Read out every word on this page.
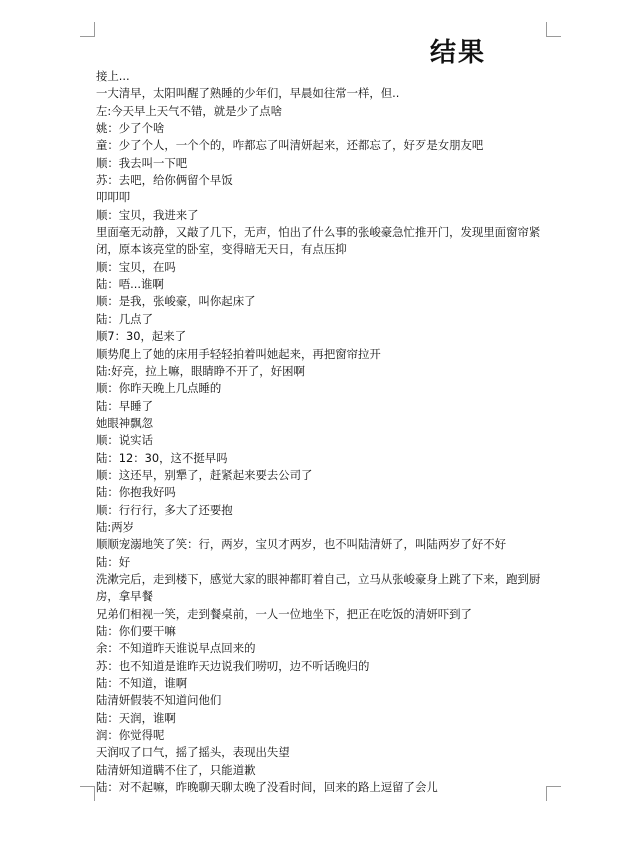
结果
接上...
一大清早，太阳叫醒了熟睡的少年们，早晨如往常一样，但..
左:今天早上天气不错，就是少了点啥
姚：少了个啥
童：少了个人，一个个的，咋都忘了叫清妍起来，还都忘了，好歹是女朋友吧
顺：我去叫一下吧
苏：去吧，给你俩留个早饭
叩叩叩
顺：宝贝，我进来了
里面毫无动静，又敲了几下，无声，怕出了什么事的张峻豪急忙推开门，发现里面窗帘紧
闭，原本该亮堂的卧室，变得暗无天日，有点压抑
顺：宝贝，在吗
陆：唔...谁啊
顺：是我，张峻豪，叫你起床了
陆：几点了
顺7：30，起来了
顺势爬上了她的床用手轻轻拍着叫她起来，再把窗帘拉开
陆:好亮，拉上嘛，眼睛睁不开了，好困啊
顺：你昨天晚上几点睡的
陆：早睡了
她眼神飘忽
顺：说实话
陆：12：30，这不挺早吗
顺：这还早，别犟了，赶紧起来要去公司了
陆：你抱我好吗
顺：行行行，多大了还要抱
陆:两岁
顺顺宠溺地笑了笑：行，两岁，宝贝才两岁，也不叫陆清妍了，叫陆两岁了好不好
陆：好
洗漱完后，走到楼下，感觉大家的眼神都盯着自己，立马从张峻豪身上跳了下来，跑到厨
房，拿早餐
兄弟们相视一笑，走到餐桌前，一人一位地坐下，把正在吃饭的清妍吓到了
陆：你们要干嘛
余：不知道昨天谁说早点回来的
苏：也不知道是谁昨天边说我们唠叨，边不听话晚归的
陆：不知道，谁啊
陆清妍假装不知道问他们
陆：天润，谁啊
润：你觉得呢
天润叹了口气，摇了摇头，表现出失望
陆清妍知道瞒不住了，只能道歉
陆：对不起嘛，昨晚聊天聊太晚了没看时间，回来的路上逗留了会儿
